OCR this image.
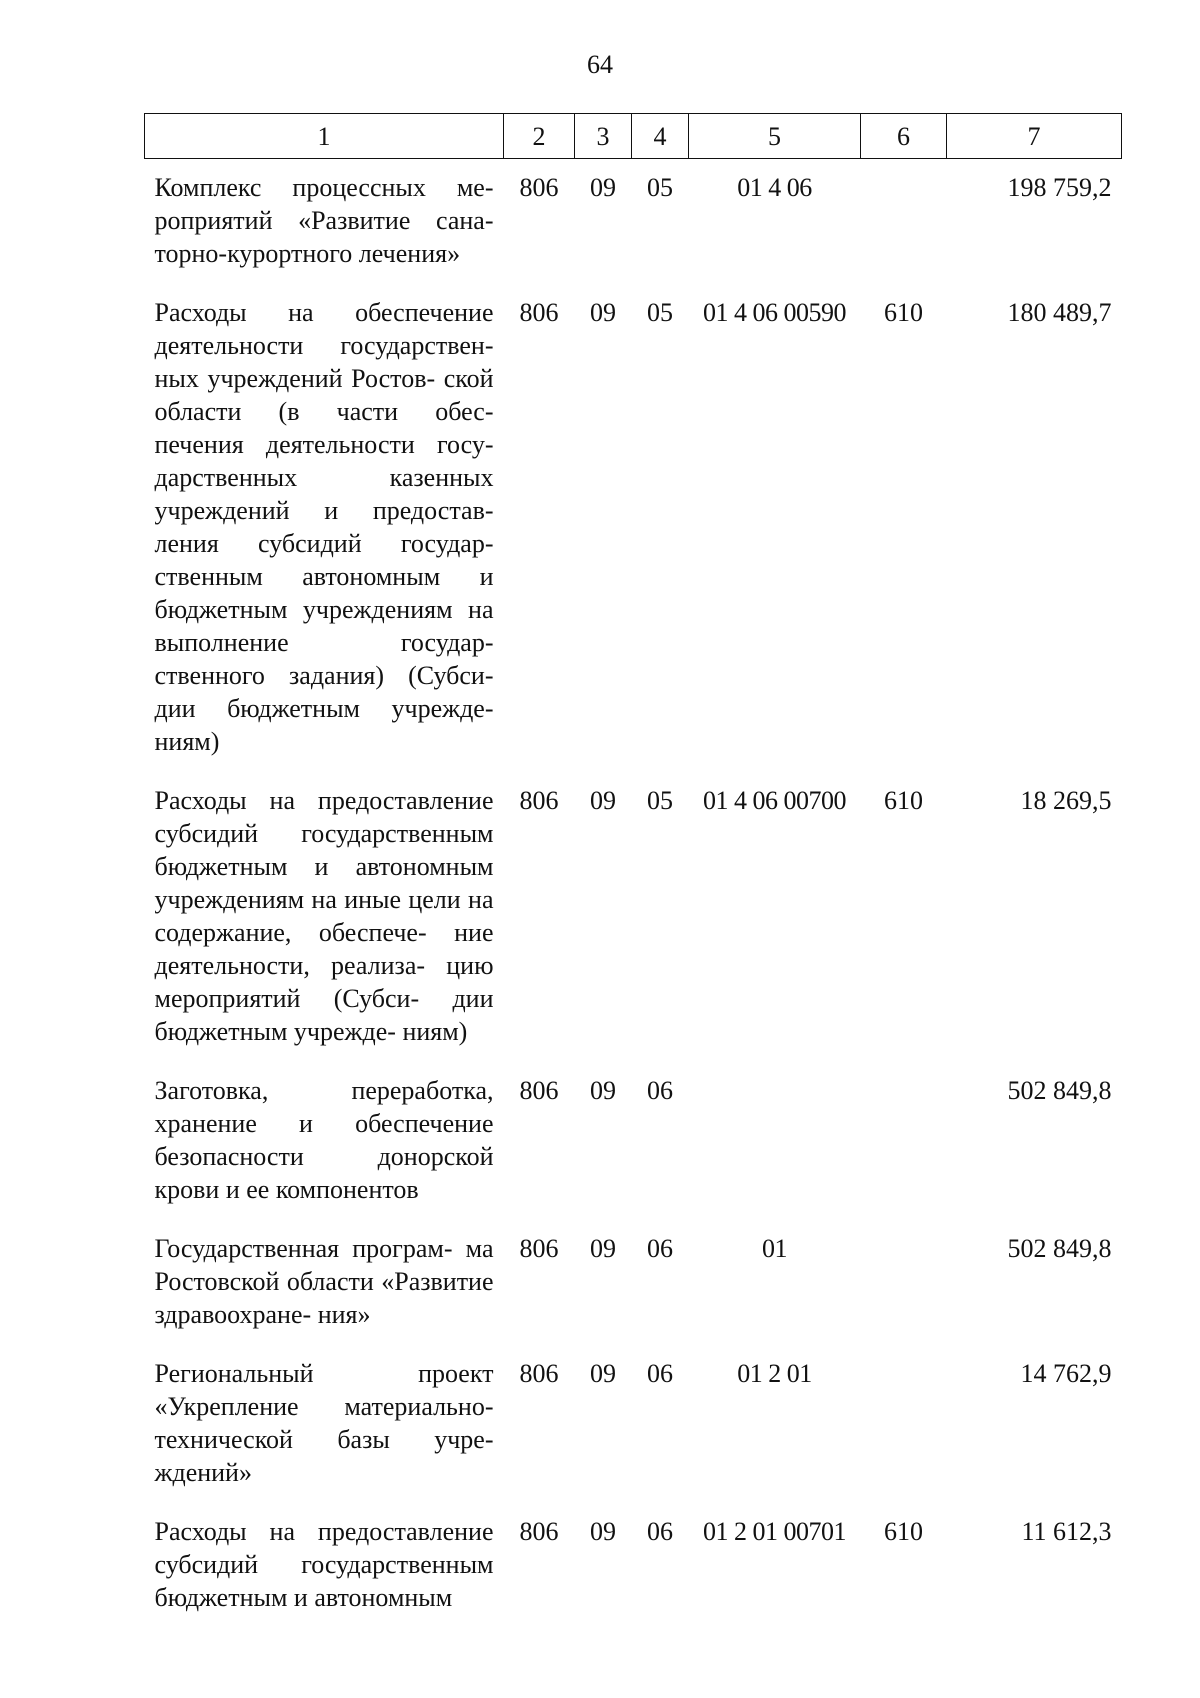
64
1	2	3	4	5	6	7
Комплекс процессных ме- роприятий «Развитие сана- торно-курортного лечения»	806	09	05	01 4 06		198 759,2
Расходы на обеспечение деятельности государствен- ных учреждений Ростов- ской области (в части обес- печения деятельности госу- дарственных казенных учреждений и предостав- ления субсидий государ- ственным автономным и бюджетным учреждениям на выполнение государ- ственного задания) (Субси- дии бюджетным учрежде- ниям)	806	09	05	01 4 06 00590	610	180 489,7
Расходы на предоставление субсидий государственным бюджетным и автономным учреждениям на иные цели на содержание, обеспече- ние деятельности, реализа- цию мероприятий (Субси- дии бюджетным учрежде- ниям)	806	09	05	01 4 06 00700	610	18 269,5
Заготовка, переработка, хранение и обеспечение безопасности донорской крови и ее компонентов	806	09	06			502 849,8
Государственная програм- ма Ростовской области «Развитие здравоохране- ния»	806	09	06	01		502 849,8
Региональный проект «Укрепление материально- технической базы учре- ждений»	806	09	06	01 2 01		14 762,9
Расходы на предоставление субсидий государственным бюджетным и автономным	806	09	06	01 2 01 00701	610	11 612,3
